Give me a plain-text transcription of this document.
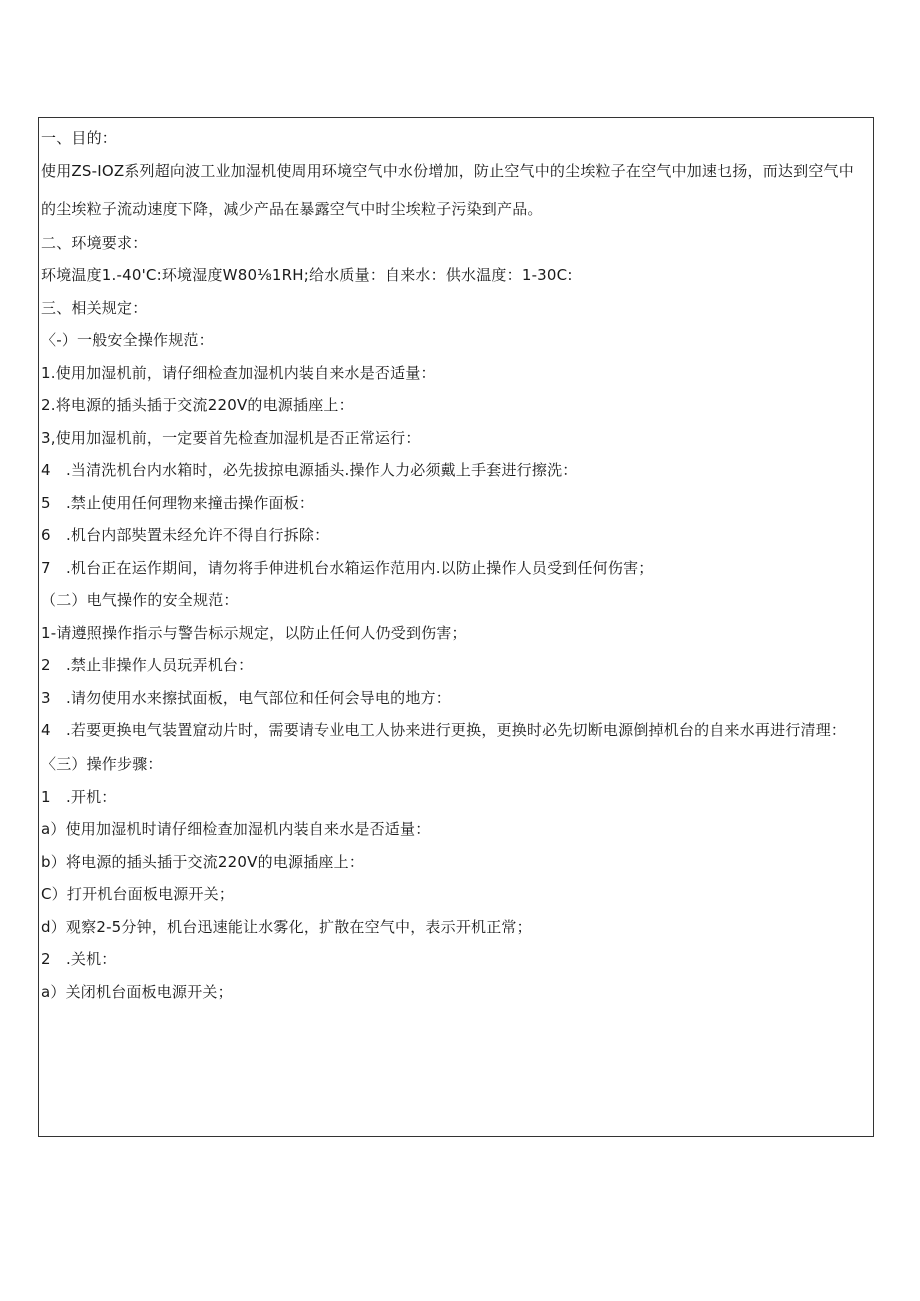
一、目的：
使用ZS-IOZ系列超向波工业加湿机使周用环境空气中水份增加，防止空气中的尘埃粒子在空气中加速乜扬，而达到空气中的尘埃粒子流动速度下降，减少产品在暴露空气中时尘埃粒子污染到产品。
二、环境要求：
环境温度1.-40'C:环境湿度W80⅛1RH;给水质量：自来水：供水温度：1-30C:
三、相关规定：
〈-）一般安全操作规范：
1.使用加湿机前，请仔细检查加湿机内装自来水是否适量：
2.将电源的插头插于交流220V的电源插座上：
3,使用加湿机前，一定要首先检查加湿机是否正常运行：
4　.当清洗机台内水箱时，必先拔掠电源插头.操作人力必须戴上手套进行擦洗：
5　.禁止使用任何理物来撞击操作面板：
6　.机台内部奘置未经允许不得自行拆除：
7　.机台正在运作期间，请勿将手伸进机台水箱运作范用内.以防止操作人员受到任何伤害；
（二）电气操作的安全规范：
1-请遵照操作指示与警告标示规定，以防止任何人仍受到伤害；
2　.禁止非操作人员玩弄机台：
3　.请勿使用水来擦拭面板，电气部位和任何会导电的地方：
4　.若要更换电气装置窟动片时，需要请专业电工人协来进行更换，更换时必先切断电源倒掉机台的自来水再进行清理：
〈三）操作步骤：
1　.开机：
a）使用加湿机时请仔细检查加湿机内装自来水是否适量：
b）将电源的插头插于交流220V的电源插座上：
C）打开机台面板电源开关；
d）观察2-5分钟，机台迅速能让水雾化，扩散在空气中，表示开机正常；
2　.关机：
a）关闭机台面板电源开关；
